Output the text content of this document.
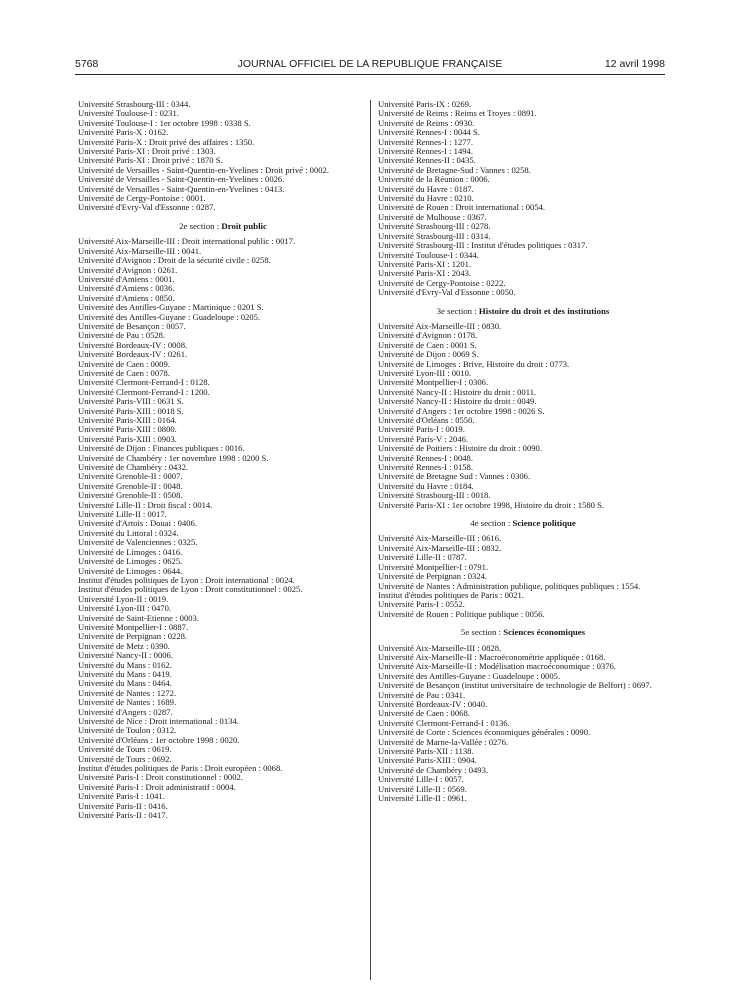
5768	JOURNAL OFFICIEL DE LA REPUBLIQUE FRANÇAISE	12 avril 1998

Université Strasbourg-III : 0344.

Université Toulouse-I : 0231.

Université Toulouse-I : 1er octobre 1998 : 0338 S.

Université Paris-X : 0162.

Université Paris-X : Droit privé des affaires : 1350.

Université Paris-XI : Droit privé : 1303.

Université Paris-XI : Droit privé : 1870 S.

Université de Versailles - Saint-Quentin-en-Yvelines : Droit privé : 0002.

Université de Versailles - Saint-Quentin-en-Yvelines : 0026.

Université de Versailles - Saint-Quentin-en-Yvelines : 0413.

Université de Cergy-Pontoise : 0001.

Université d'Evry-Val d'Essonne : 0287.

2e section : Droit public

Université Aix-Marseille-III : Droit international public : 0017.

Université Aix-Marseille-III : 0041.

Université d'Avignon : Droit de la sécurité civile : 0258.

Université d'Avignon : 0261.

Université d'Amiens : 0001.

Université d'Amiens : 0036.

Université d'Amiens : 0850.

Université des Antilles-Guyane : Martinique : 0201 S.

Université des Antilles-Guyane : Guadeloupe : 0205.

Université de Besançon : 0057.

Université de Pau : 0528.

Université Bordeaux-IV : 0008.

Université Bordeaux-IV : 0261.

Université de Caen : 0009.

Université de Caen : 0078.

Université Clermont-Ferrand-I : 0128.

Université Clermont-Ferrand-I : 1200.

Université Paris-VIII : 0631 S.

Université Paris-XIII : 0018 S.

Université Paris-XIII : 0164.

Université Paris-XIII : 0800.

Université Paris-XIII : 0903.

Université de Dijon : Finances publiques : 0016.

Université de Chambéry : 1er novembre 1998 : 0200 S.

Université de Chambéry : 0432.

Université Grenoble-II : 0007.

Université Grenoble-II : 0048.

Université Grenoble-II : 0508.

Université Lille-II : Droit fiscal : 0014.

Université Lille-II : 0017.

Université d'Artois : Douai : 0406.

Université du Littoral : 0324.

Université de Valenciennes : 0325.

Université de Limoges : 0416.

Université de Limoges : 0625.

Université de Limoges : 0644.

Institut d'études politiques de Lyon : Droit international : 0024.

Institut d'études politiques de Lyon : Droit constitutionnel : 0025.

Université Lyon-II : 0019.

Université Lyon-III : 0470.

Université de Saint-Etienne : 0003.

Université Montpellier-I : 0887.

Université de Perpignan : 0228.

Université de Metz : 0390.

Université Nancy-II : 0006.

Université du Mans : 0162.

Université du Mans : 0419.

Université du Mans : 0464.

Université de Nantes : 1272.

Université de Nantes : 1689.

Université d'Angers : 0287.

Université de Nice : Droit international : 0134.

Université de Toulon : 0312.

Université d'Orléans : 1er octobre 1998 : 0020.

Université de Tours : 0619.

Université de Tours : 0692.

Institut d'études politiques de Paris : Droit européen : 0068.

Université Paris-I : Droit constitutionnel : 0002.

Université Paris-I : Droit administratif : 0004.

Université Paris-I : 1041.

Université Paris-II : 0416.

Université Paris-II : 0417.

Université Paris-IX : 0269.

Université de Reims : Reims et Troyes : 0891.

Université de Reims : 0930.

Université Rennes-I : 0044 S.

Université Rennes-I : 1277.

Université Rennes-I : 1494.

Université Rennes-II : 0435.

Université de Bretagne-Sud : Vannes : 0258.

Université de la Réunion : 0006.

Université du Havre : 0187.

Université du Havre : 0210.

Université de Rouen : Droit international : 0054.

Université de Mulhouse : 0367.

Université Strasbourg-III : 0278.

Université Strasbourg-III : 0314.

Université Strasbourg-III : Institut d'études politiques : 0317.

Université Toulouse-I : 0344.

Université Paris-XI : 1201.

Université Paris-XI : 2043.

Université de Cergy-Pontoise : 0222.

Université d'Evry-Val d'Essonne : 0050.

3e section : Histoire du droit et des institutions

Université Aix-Marseille-III : 0830.

Université d'Avignon : 0178.

Université de Caen : 0001 S.

Université de Dijon : 0069 S.

Université de Limoges : Brive, Histoire du droit : 0773.

Université Lyon-III : 0010.

Université Montpellier-I : 0306.

Université Nancy-II : Histoire du droit : 0011.

Université Nancy-II : Histoire du droit : 0049.

Université d'Angers : 1er octobre 1998 : 0026 S.

Université d'Orléans : 0550.

Université Paris-I : 0019.

Université Paris-V : 2046.

Université de Poitiers : Histoire du droit : 0090.

Université Rennes-I : 0048.

Université Rennes-I : 0158.

Université de Bretagne Sud : Vannes : 0306.

Université du Havre : 0184.

Université Strasbourg-III : 0018.

Université Paris-XI : 1er octobre 1998, Histoire du droit : 1580 S.

4e section : Science politique

Université Aix-Marseille-III : 0616.

Université Aix-Marseille-III : 0832.

Université Lille-II : 0787.

Université Montpellier-I : 0791.

Université de Perpignan : 0324.

Université de Nantes : Administration publique, politiques publiques : 1554.

Institut d'études politiques de Paris : 0021.

Université Paris-I : 0552.

Université de Rouen : Politique publique : 0056.

5e section : Sciences économiques

Université Aix-Marseille-III : 0828.

Université Aix-Marseille-II : Macroéconométrie appliquée : 0168.

Université Aix-Marseille-II : Modélisation macroéconomique : 0376.

Université des Antilles-Guyane : Guadeloupe : 0005.

Université de Besançon (institut universitaire de technologie de Belfort) : 0697.

Université de Pau : 0341.

Université Bordeaux-IV : 0040.

Université de Caen : 0068.

Université Clermont-Ferrand-I : 0136.

Université de Corte : Sciences économiques générales : 0090.

Université de Marne-la-Vallée : 0276.

Université Paris-XII : 1138.

Université Paris-XIII : 0904.

Université de Chambéry : 0493.

Université Lille-I : 0057.

Université Lille-II : 0569.

Université Lille-II : 0961.
